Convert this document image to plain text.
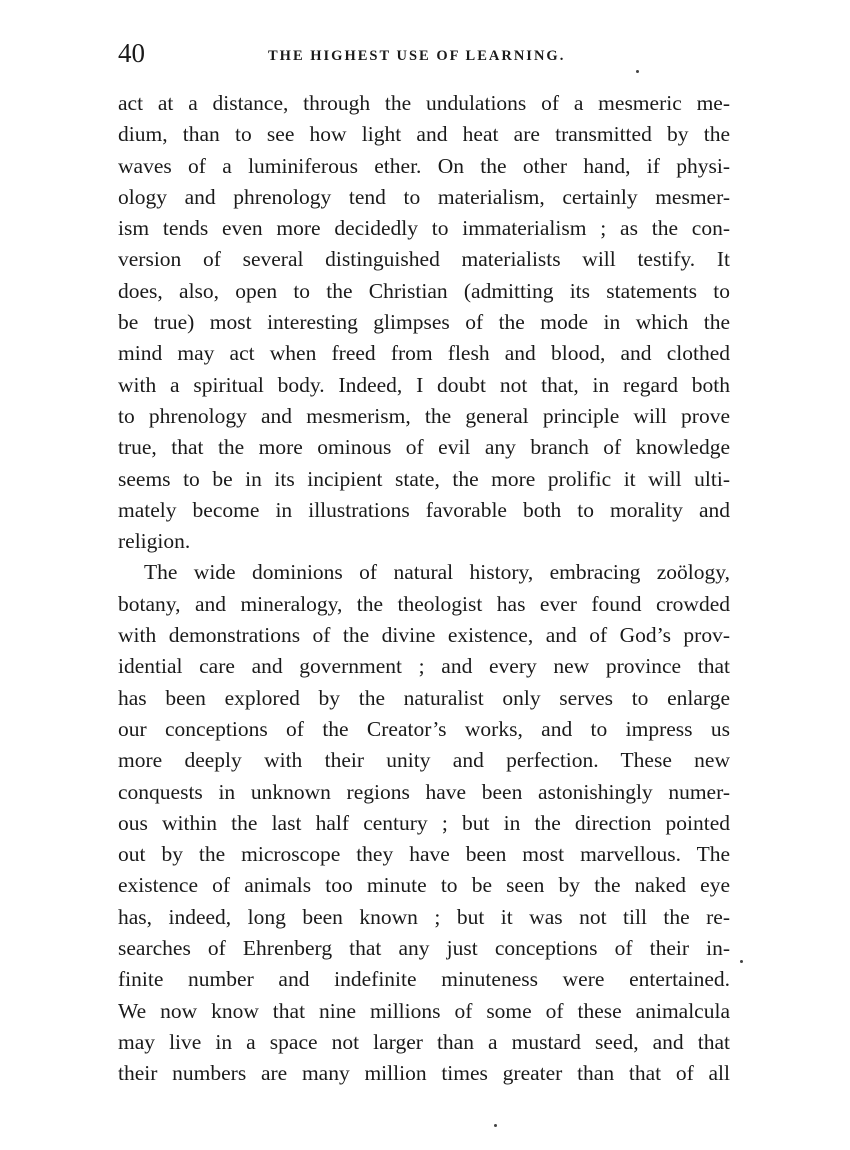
40	THE HIGHEST USE OF LEARNING.
act at a distance, through the undulations of a mesmeric me-
dium, than to see how light and heat are transmitted by the
waves of a luminiferous ether. On the other hand, if physi-
ology and phrenology tend to materialism, certainly mesmer-
ism tends even more decidedly to immaterialism ; as the con-
version of several distinguished materialists will testify. It
does, also, open to the Christian (admitting its statements to
be true) most interesting glimpses of the mode in which the
mind may act when freed from flesh and blood, and clothed
with a spiritual body. Indeed, I doubt not that, in regard both
to phrenology and mesmerism, the general principle will prove
true, that the more ominous of evil any branch of knowledge
seems to be in its incipient state, the more prolific it will ulti-
mately become in illustrations favorable both to morality and
religion.
The wide dominions of natural history, embracing zoölogy,
botany, and mineralogy, the theologist has ever found crowded
with demonstrations of the divine existence, and of God’s prov-
idential care and government ; and every new province that
has been explored by the naturalist only serves to enlarge
our conceptions of the Creator’s works, and to impress us
more deeply with their unity and perfection. These new
conquests in unknown regions have been astonishingly numer-
ous within the last half century ; but in the direction pointed
out by the microscope they have been most marvellous. The
existence of animals too minute to be seen by the naked eye
has, indeed, long been known ; but it was not till the re-
searches of Ehrenberg that any just conceptions of their in-
finite number and indefinite minuteness were entertained.
We now know that nine millions of some of these animalcula
may live in a space not larger than a mustard seed, and that
their numbers are many million times greater than that of all
